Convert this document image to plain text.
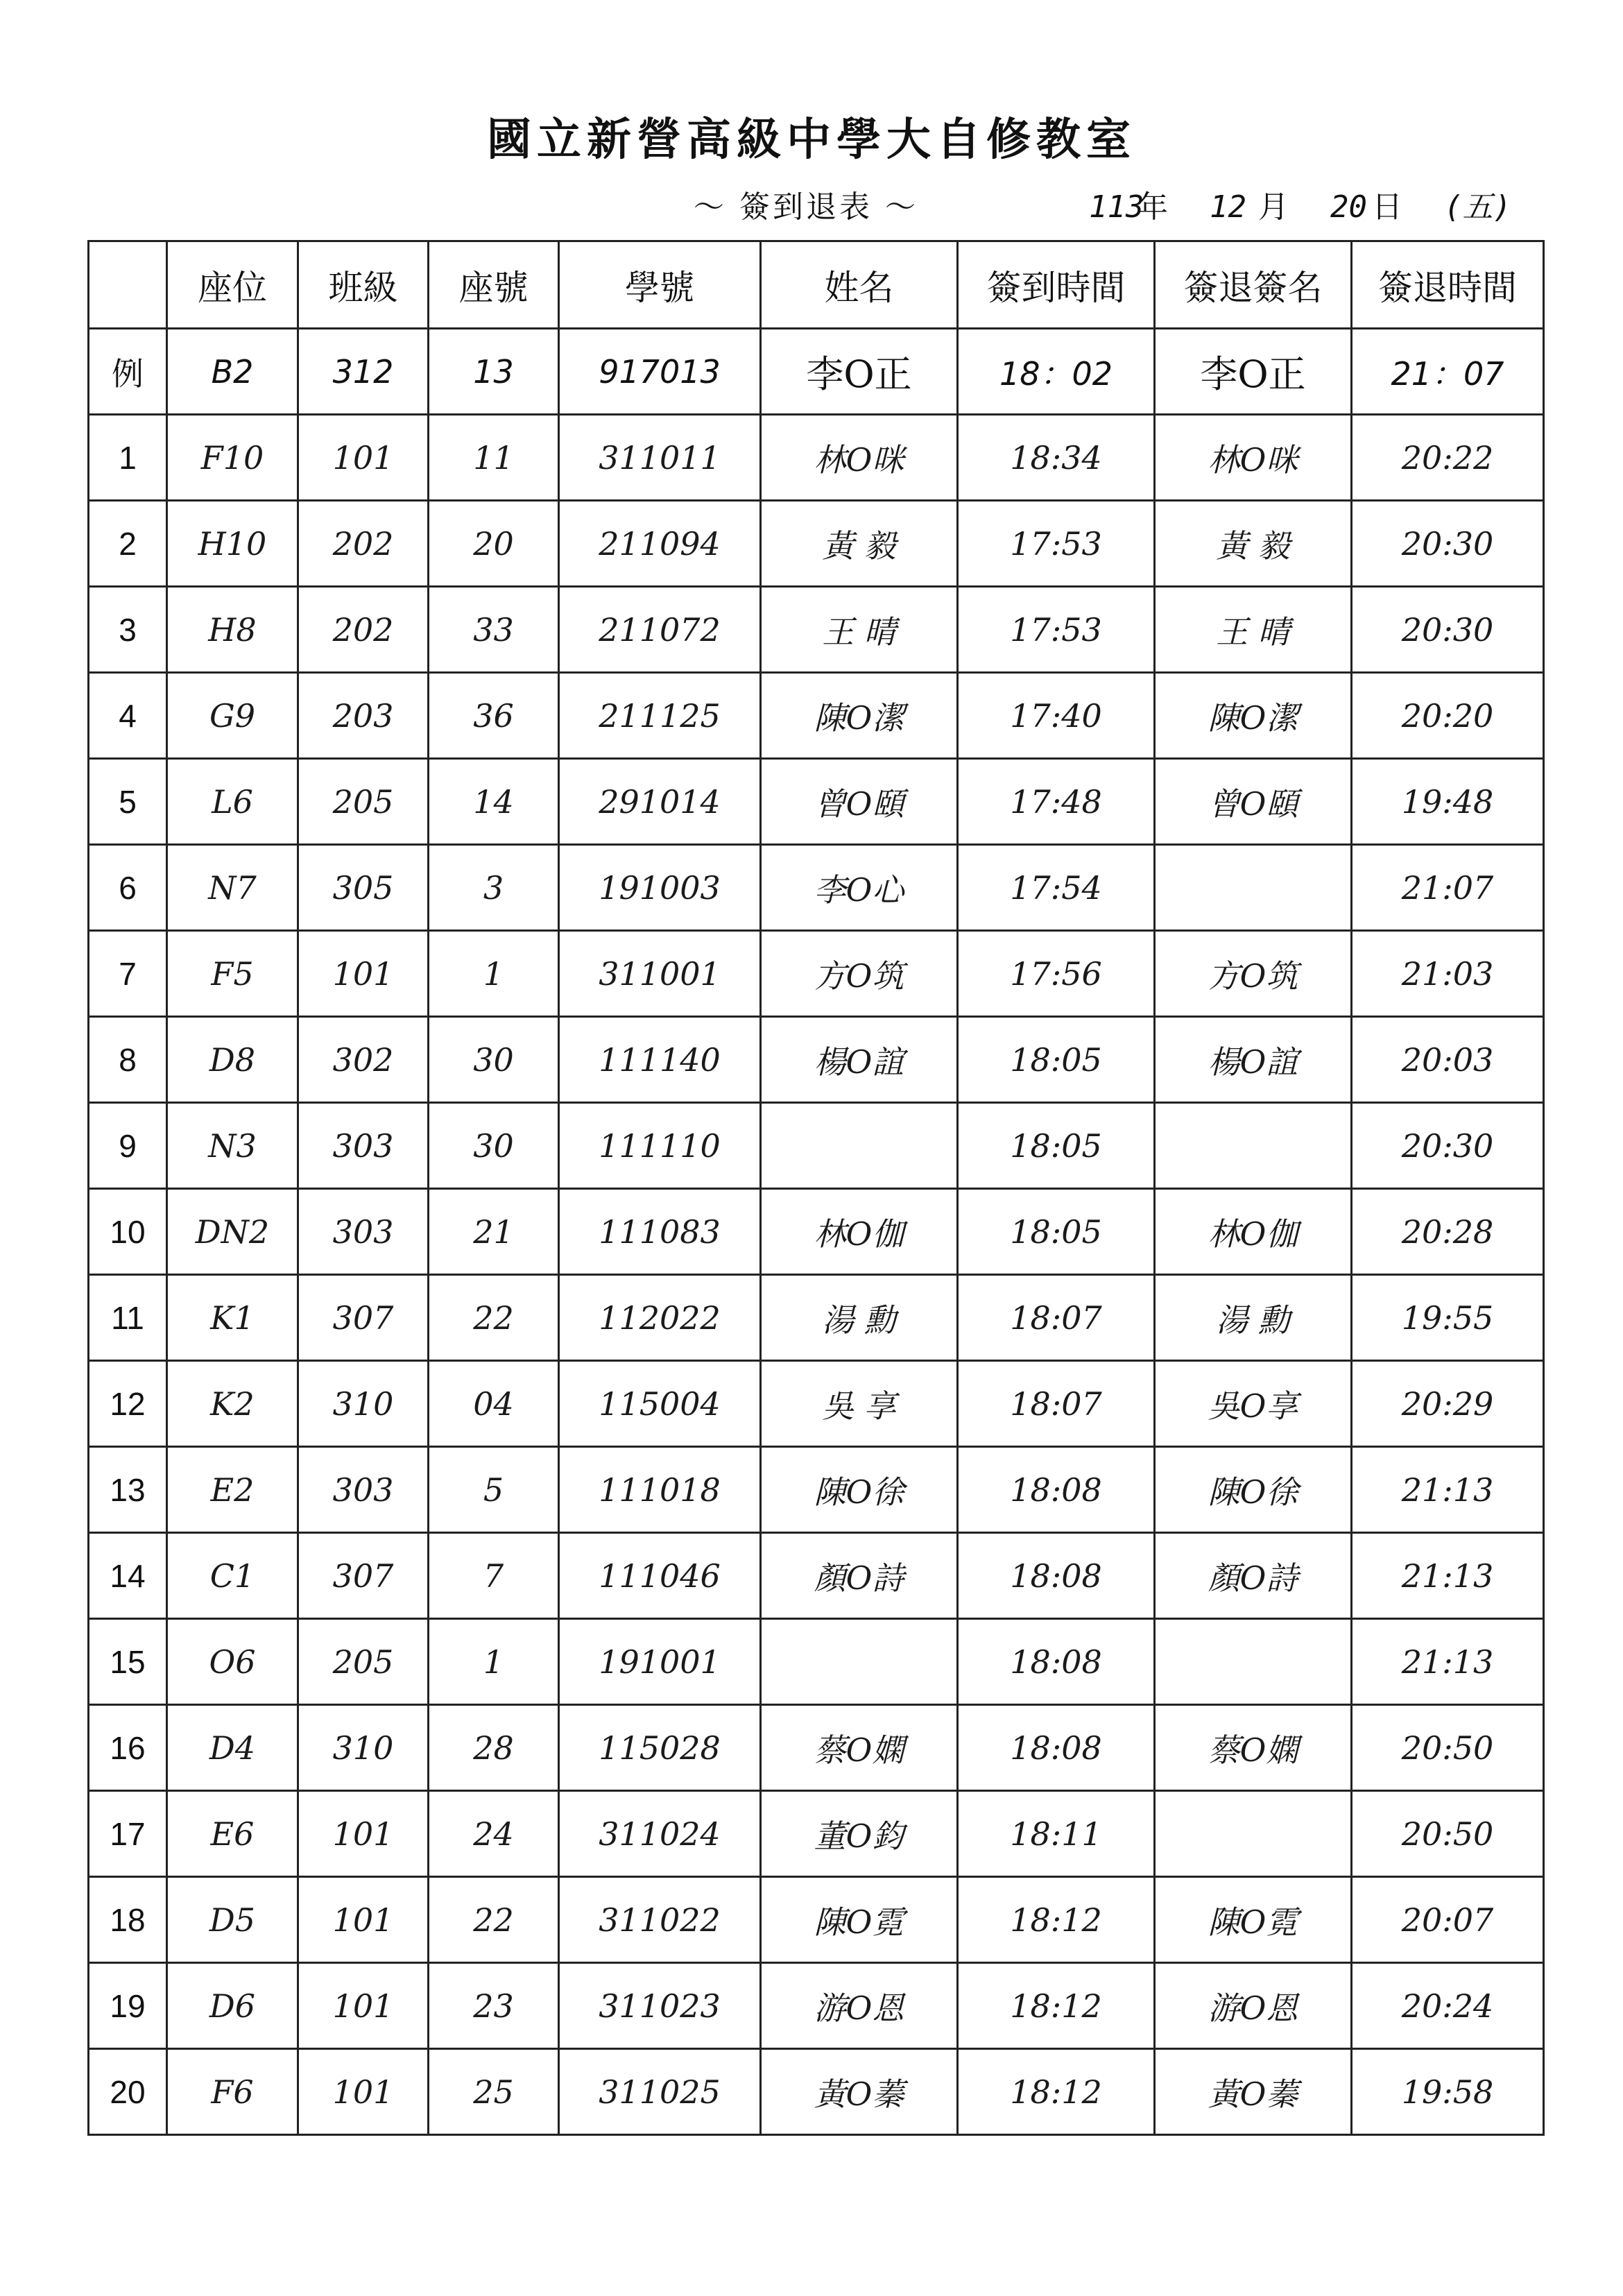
國立新營高級中學大自修教室
～ 簽到退表 ～	113年 12 月 20 日 (五)
	座位	班級	座號	學號	姓名	簽到時間	簽退簽名	簽退時間
例	B2	312	13	917013	李O正	18：02	李O正	21：07
1	F10	101	11	311011	林O咪	18:34	林O咪	20:22
2	H10	202	20	211094	黃 毅	17:53	黃 毅	20:30
3	H8	202	33	211072	王 晴	17:53	王 晴	20:30
4	G9	203	36	211125	陳O潔	17:40	陳O潔	20:20
5	L6	205	14	291014	曾O頤	17:48	曾O頤	19:48
6	N7	305	3	191003	李O心	17:54		21:07
7	F5	101	1	311001	方O筑	17:56	方O筑	21:03
8	D8	302	30	111140	楊O誼	18:05	楊O誼	20:03
9	N3	303	30	111110		18:05		20:30
10	DN2	303	21	111083	林O伽	18:05	林O伽	20:28
11	K1	307	22	112022	湯 勳	18:07	湯 勳	19:55
12	K2	310	04	115004	吳 享	18:07	吳O享	20:29
13	E2	303	5	111018	陳O徐	18:08	陳O徐	21:13
14	C1	307	7	111046	顏O詩	18:08	顏O詩	21:13
15	O6	205	1	191001		18:08		21:13
16	D4	310	28	115028	蔡O嫻	18:08	蔡O嫻	20:50
17	E6	101	24	311024	董O鈞	18:11		20:50
18	D5	101	22	311022	陳O霓	18:12	陳O霓	20:07
19	D6	101	23	311023	游O恩	18:12	游O恩	20:24
20	F6	101	25	311025	黃O蓁	18:12	黃O蓁	19:58
